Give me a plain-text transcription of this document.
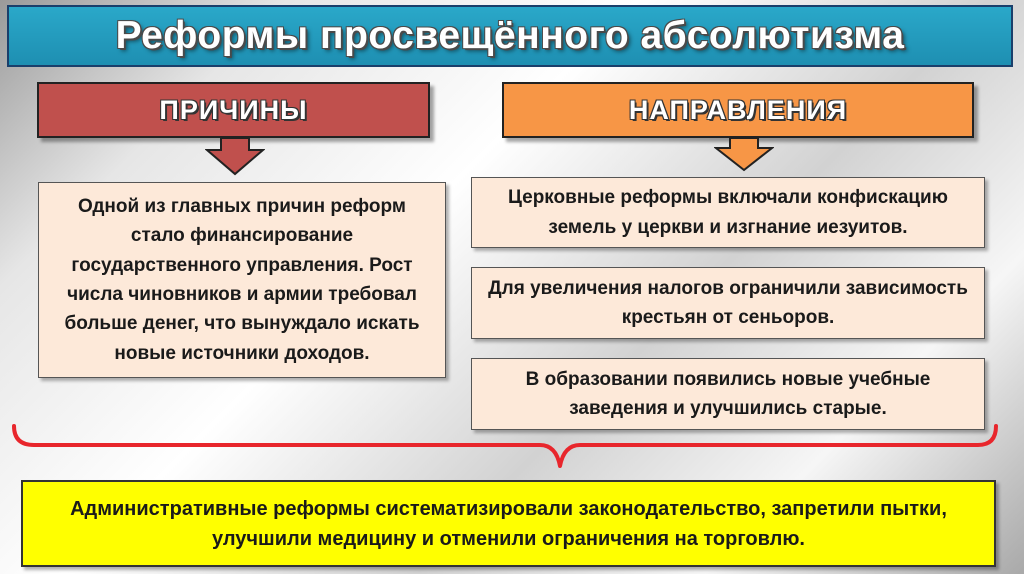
Реформы просвещённого абсолютизма
ПРИЧИНЫ	НАПРАВЛЕНИЯ
Одной из главных причин реформ стало финансирование государственного управления. Рост числа чиновников и армии требовал больше денег, что вынуждало искать новые источники доходов.
Церковные реформы включали конфискацию земель у церкви и изгнание иезуитов.
Для увеличения налогов ограничили зависимость крестьян от сеньоров.
В образовании появились новые учебные заведения и улучшились старые.
Административные реформы систематизировали законодательство, запретили пытки, улучшили медицину и отменили ограничения на торговлю.
